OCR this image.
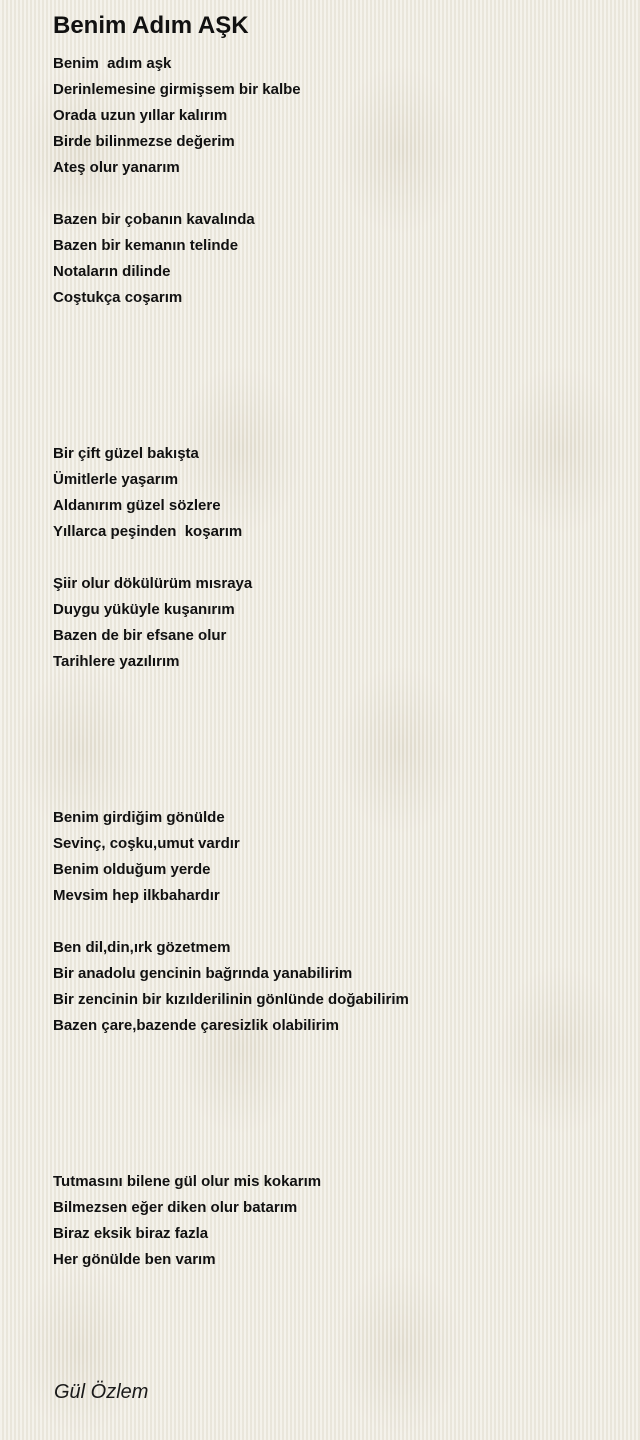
Benim Adım AŞK
Benim  adım aşk
Derinlemesine girmişsem bir kalbe
Orada uzun yıllar kalırım
Birde bilinmezse değerim
Ateş olur yanarım
Bazen bir çobanın kavalında
Bazen bir kemanın telinde
Notaların dilinde
Coştukça coşarım
Bir çift güzel bakışta
Ümitlerle yaşarım
Aldanırım güzel sözlere
Yıllarca peşinden  koşarım
Şiir olur dökülürüm mısraya
Duygu yüküyle kuşanırım
Bazen de bir efsane olur
Tarihlere yazılırım
Benim girdiğim gönülde
Sevinç, coşku,umut vardır
Benim olduğum yerde
Mevsim hep ilkbahardır
Ben dil,din,ırk gözetmem
Bir anadolu gencinin bağrında yanabilirim
Bir zencinin bir kızılderilinin gönlünde doğabilirim
Bazen çare,bazende çaresizlik olabilirim
Tutmasını bilene gül olur mis kokarım
Bilmezsen eğer diken olur batarım
Biraz eksik biraz fazla
Her gönülde ben varım
Gül Özlem
